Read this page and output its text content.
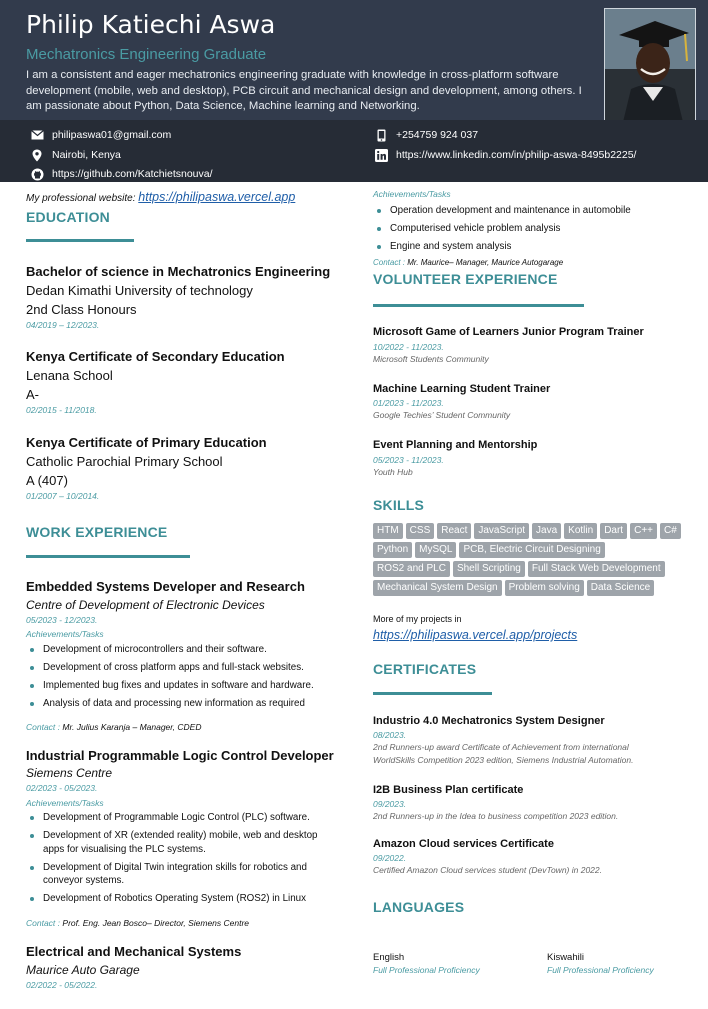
Philip Katiechi Aswa
Mechatronics Engineering Graduate
I am a consistent and eager mechatronics engineering graduate with knowledge in cross-platform software development (mobile, web and desktop), PCB circuit and mechanical design and development, among others. I am passionate about Python, Data Science, Machine learning and Networking.
philipaswa01@gmail.com
Nairobi, Kenya
https://github.com/Katchietsnouva/
+254759 924 037
https://www.linkedin.com/in/philip-aswa-8495b2225/
My professional website: https://philipaswa.vercel.app
EDUCATION
Bachelor of science in Mechatronics Engineering
Dedan Kimathi University of technology
2nd Class Honours
04/2019 – 12/2023.
Kenya Certificate of Secondary Education
Lenana School
A-
02/2015 - 11/2018.
Kenya Certificate of Primary Education
Catholic Parochial Primary School
A (407)
01/2007 – 10/2014.
WORK EXPERIENCE
Embedded Systems Developer and Research
Centre of Development of Electronic Devices
05/2023 - 12/2023.
Achievements/Tasks
Development of microcontrollers and their software.
Development of cross platform apps and full-stack websites.
Implemented bug fixes and updates in software and hardware.
Analysis of data and processing new information as required
Contact : Mr. Julius Karanja – Manager, CDED
Industrial Programmable Logic Control Developer
Siemens Centre
02/2023 - 05/2023.
Achievements/Tasks
Development of Programmable Logic Control (PLC) software.
Development of XR (extended reality) mobile, web and desktop apps for visualising the PLC systems.
Development of Digital Twin integration skills for robotics and conveyor systems.
Development of Robotics Operating System (ROS2) in Linux
Contact : Prof. Eng. Jean Bosco– Director, Siemens Centre
Electrical and Mechanical Systems
Maurice Auto Garage
02/2022 - 05/2022.
Achievements/Tasks
Operation development and maintenance in automobile
Computerised vehicle problem analysis
Engine and system analysis
Contact : Mr. Maurice– Manager, Maurice Autogarage
VOLUNTEER EXPERIENCE
Microsoft Game of Learners Junior Program Trainer
10/2022 - 11/2023.
Microsoft Students Community
Machine Learning Student Trainer
01/2023 - 11/2023.
Google Techies’ Student Community
Event Planning and Mentorship
05/2023 - 11/2023.
Youth Hub
SKILLS
HTM	CSS	React	JavaScript	Java	Kotlin	Dart	C++	C#
Python	MySQL	PCB, Electric Circuit Designing
ROS2 and PLC	Shell Scripting	Full Stack Web Development
Mechanical System Design	Problem solving	Data Science
More of my projects in
https://philipaswa.vercel.app/projects
CERTIFICATES
Industrio 4.0 Mechatronics System Designer
08/2023.
2nd Runners-up award Certificate of Achievement from international WorldSkills Competition 2023 edition, Siemens Industrial Automation.
I2B Business Plan certificate
09/2023.
2nd Runners-up in the Idea to business competition 2023 edition.
Amazon Cloud services Certificate
09/2022.
Certified Amazon Cloud services student (DevTown) in 2022.
LANGUAGES
English
Full Professional Proficiency
Kiswahili
Full Professional Proficiency
